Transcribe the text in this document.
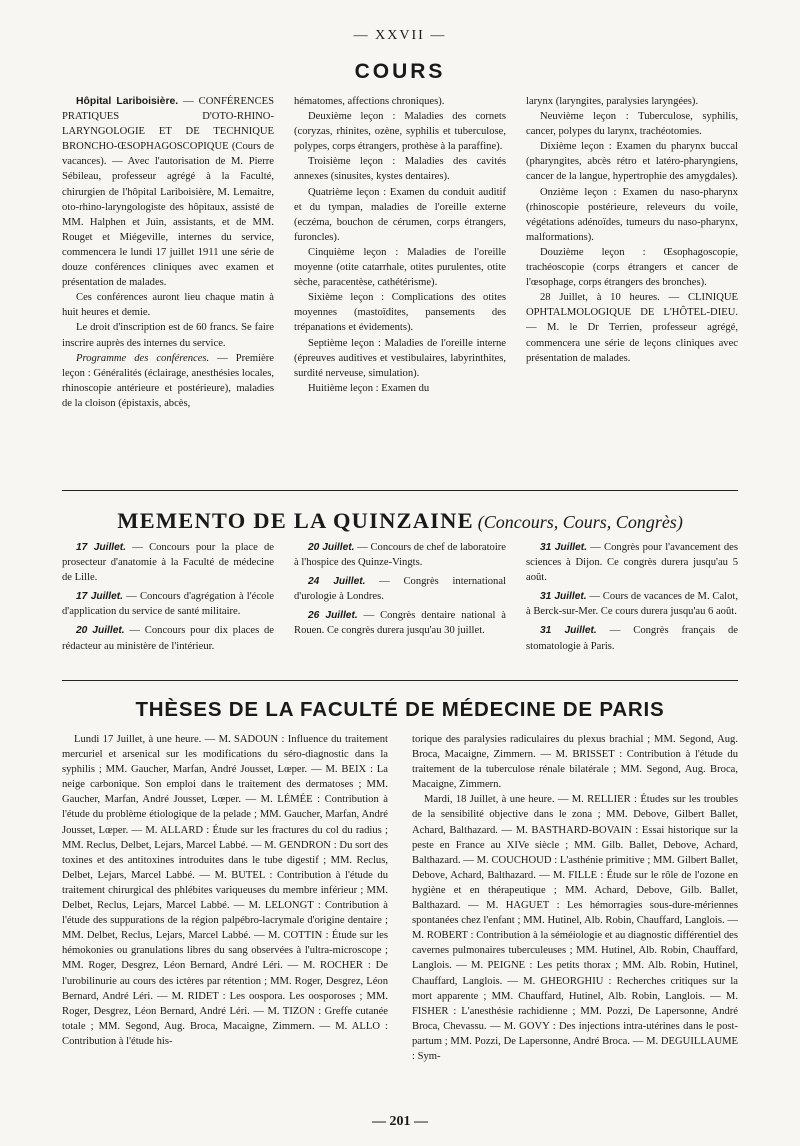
— XXVII —
COURS

Hôpital Lariboisière. — CONFÉRENCES PRATIQUES D'OTO-RHINO-LARYNGOLOGIE ET DE TECHNIQUE BRONCHO-ŒSOPHAGOSCOPIQUE (Cours de vacances). — Avec l'autorisation de M. Pierre Sébileau, professeur agrégé à la Faculté, chirurgien de l'hôpital Lariboisière, M. Lemaitre, oto-rhino-laryngologiste des hôpitaux, assisté de MM. Halphen et Juin, assistants, et de MM. Rouget et Miégeville, internes du service, commencera le lundi 17 juillet 1911 une série de douze conférences cliniques avec examen et présentation de malades.

Ces conférences auront lieu chaque matin à huit heures et demie.

Le droit d'inscription est de 60 francs. Se faire inscrire auprès des internes du service.

Programme des conférences. — Première leçon : Généralités (éclairage, anesthésies locales, rhinoscopie antérieure et postérieure), maladies de la cloison (épistaxis, abcès,

hématomes, affections chroniques).

Deuxième leçon : Maladies des cornets (coryzas, rhinites, ozène, syphilis et tuberculose, polypes, corps étrangers, prothèse à la paraffine).

Troisième leçon : Maladies des cavités annexes (sinusites, kystes dentaires).

Quatrième leçon : Examen du conduit auditif et du tympan, maladies de l'oreille externe (eczéma, bouchon de cérumen, corps étrangers, furoncles).

Cinquième leçon : Maladies de l'oreille moyenne (otite catarrhale, otites purulentes, otite sèche, paracentèse, cathétérisme).

Sixième leçon : Complications des otites moyennes (mastoïdites, pansements des trépanations et évidements).

Septième leçon : Maladies de l'oreille interne (épreuves auditives et vestibulaires, labyrinthites, surdité nerveuse, simulation).

Huitième leçon : Examen du

larynx (laryngites, paralysies laryngées).

Neuvième leçon : Tuberculose, syphilis, cancer, polypes du larynx, trachéotomies.

Dixième leçon : Examen du pharynx buccal (pharyngites, abcès rétro et latéro-pharyngiens, cancer de la langue, hypertrophie des amygdales).

Onzième leçon : Examen du naso-pharynx (rhinoscopie postérieure, releveurs du voile, végétations adénoïdes, tumeurs du naso-pharynx, malformations).

Douzième leçon : Œsophagoscopie, trachéoscopie (corps étrangers et cancer de l'œsophage, corps étrangers des bronches).

28 Juillet, à 10 heures. — CLINIQUE OPHTALMOLOGIQUE DE L'HÔTEL-DIEU. — M. le Dr Terrien, professeur agrégé, commencera une série de leçons cliniques avec présentation de malades.

MEMENTO DE LA QUINZAINE (Concours, Cours, Congrès)

17 Juillet. — Concours pour la place de prosecteur d'anatomie à la Faculté de médecine de Lille.

17 Juillet. — Concours d'agrégation à l'école d'application du service de santé militaire.

20 Juillet. — Concours pour dix places de rédacteur au ministère de l'intérieur.

20 Juillet. — Concours de chef de laboratoire à l'hospice des Quinze-Vingts.

24 Juillet. — Congrès international d'urologie à Londres.

26 Juillet. — Congrès dentaire national à Rouen. Ce congrès durera jusqu'au 30 juillet.

31 Juillet. — Congrès pour l'avancement des sciences à Dijon. Ce congrès durera jusqu'au 5 août.

31 Juillet. — Cours de vacances de M. Calot, à Berck-sur-Mer. Ce cours durera jusqu'au 6 août.

31 Juillet. — Congrès français de stomatologie à Paris.

THÈSES DE LA FACULTÉ DE MÉDECINE DE PARIS

Lundi 17 Juillet, à une heure. — M. SADOUN : Influence du traitement mercuriel et arsenical sur les modifications du séro-diagnostic dans la syphilis ; MM. Gaucher, Marfan, André Jousset, Lœper. — M. BEIX : La neige carbonique. Son emploi dans le traitement des dermatoses ; MM. Gaucher, Marfan, André Jousset, Lœper. — M. LÉMÉE : Contribution à l'étude du problème étiologique de la pelade ; MM. Gaucher, Marfan, André Jousset, Lœper. — M. ALLARD : Étude sur les fractures du col du radius ; MM. Reclus, Delbet, Lejars, Marcel Labbé. — M. GENDRON : Du sort des toxines et des antitoxines introduites dans le tube digestif ; MM. Reclus, Delbet, Lejars, Marcel Labbé. — M. BUTEL : Contribution à l'étude du traitement chirurgical des phlébites variqueuses du membre inférieur ; MM. Delbet, Reclus, Lejars, Marcel Labbé. — M. LELONGT : Contribution à l'étude des suppurations de la région palpébro-lacrymale d'origine dentaire ; MM. Delbet, Reclus, Lejars, Marcel Labbé. — M. COTTIN : Étude sur les hémokonies ou granulations libres du sang observées à l'ultra-microscope ; MM. Roger, Desgrez, Léon Bernard, André Léri. — M. ROCHER : De l'urobilinurie au cours des ictères par rétention ; MM. Roger, Desgrez, Léon Bernard, André Léri. — M. RIDET : Les oospora. Les oosporoses ; MM. Roger, Desgrez, Léon Bernard, André Léri. — M. TIZON : Greffe cutanée totale ; MM. Segond, Aug. Broca, Macaigne, Zimmern. — M. ALLO : Contribution à l'étude his-

torique des paralysies radiculaires du plexus brachial ; MM. Segond, Aug. Broca, Macaigne, Zimmern. — M. BRISSET : Contribution à l'étude du traitement de la tuberculose rénale bilatérale ; MM. Segond, Aug. Broca, Macaigne, Zimmern.

Mardi, 18 Juillet, à une heure. — M. RELLIER : Études sur les troubles de la sensibilité objective dans le zona ; MM. Debove, Gilbert Ballet, Achard, Balthazard. — M. BASTHARD-BOVAIN : Essai historique sur la peste en France au XIVe siècle ; MM. Gilb. Ballet, Debove, Achard, Balthazard. — M. COUCHOUD : L'asthénie primitive ; MM. Gilbert Ballet, Debove, Achard, Balthazard. — M. FILLE : Étude sur le rôle de l'ozone en hygiène et en thérapeutique ; MM. Achard, Debove, Gilb. Ballet, Balthazard. — M. HAGUET : Les hémorragies sous-dure-mériennes spontanées chez l'enfant ; MM. Hutinel, Alb. Robin, Chauffard, Langlois. — M. ROBERT : Contribution à la séméiologie et au diagnostic différentiel des cavernes pulmonaires tuberculeuses ; MM. Hutinel, Alb. Robin, Chauffard, Langlois. — M. PEIGNE : Les petits thorax ; MM. Alb. Robin, Hutinel, Chauffard, Langlois. — M. GHEORGHIU : Recherches critiques sur la mort apparente ; MM. Chauffard, Hutinel, Alb. Robin, Langlois. — M. FISHER : L'anesthésie rachidienne ; MM. Pozzi, De Lapersonne, André Broca, Chevassu. — M. GOVY : Des injections intra-utérines dans le post-partum ; MM. Pozzi, De Lapersonne, André Broca. — M. DEGUILLAUME : Sym-

— 201 —
